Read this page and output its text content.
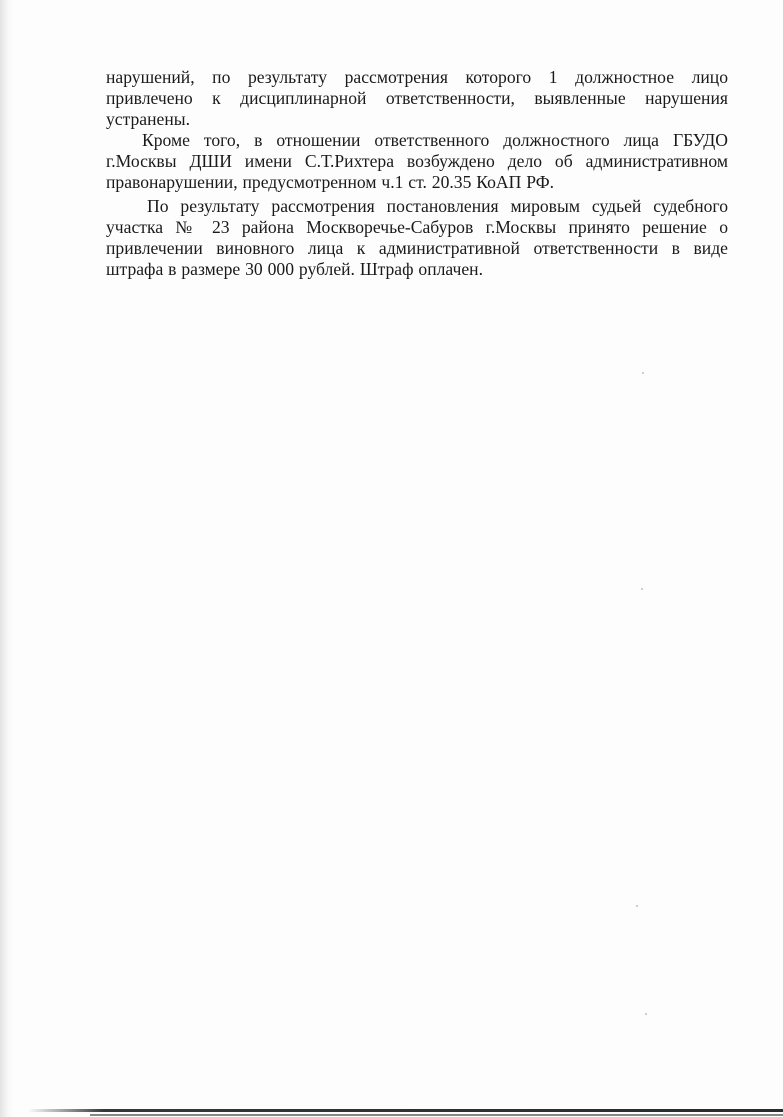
нарушений, по результату рассмотрения которого 1 должностное лицо привлечено к дисциплинарной ответственности, выявленные нарушения устранены.

Кроме того, в отношении ответственного должностного лица ГБУДО г.Москвы ДШИ имени С.Т.Рихтера возбуждено дело об административном правонарушении, предусмотренном ч.1 ст. 20.35 КоАП РФ.

По результату рассмотрения постановления мировым судьей судебного участка № 23 района Москворечье-Сабуров г.Москвы принято решение о привлечении виновного лица к административной ответственности в виде штрафа в размере 30 000 рублей. Штраф оплачен.
